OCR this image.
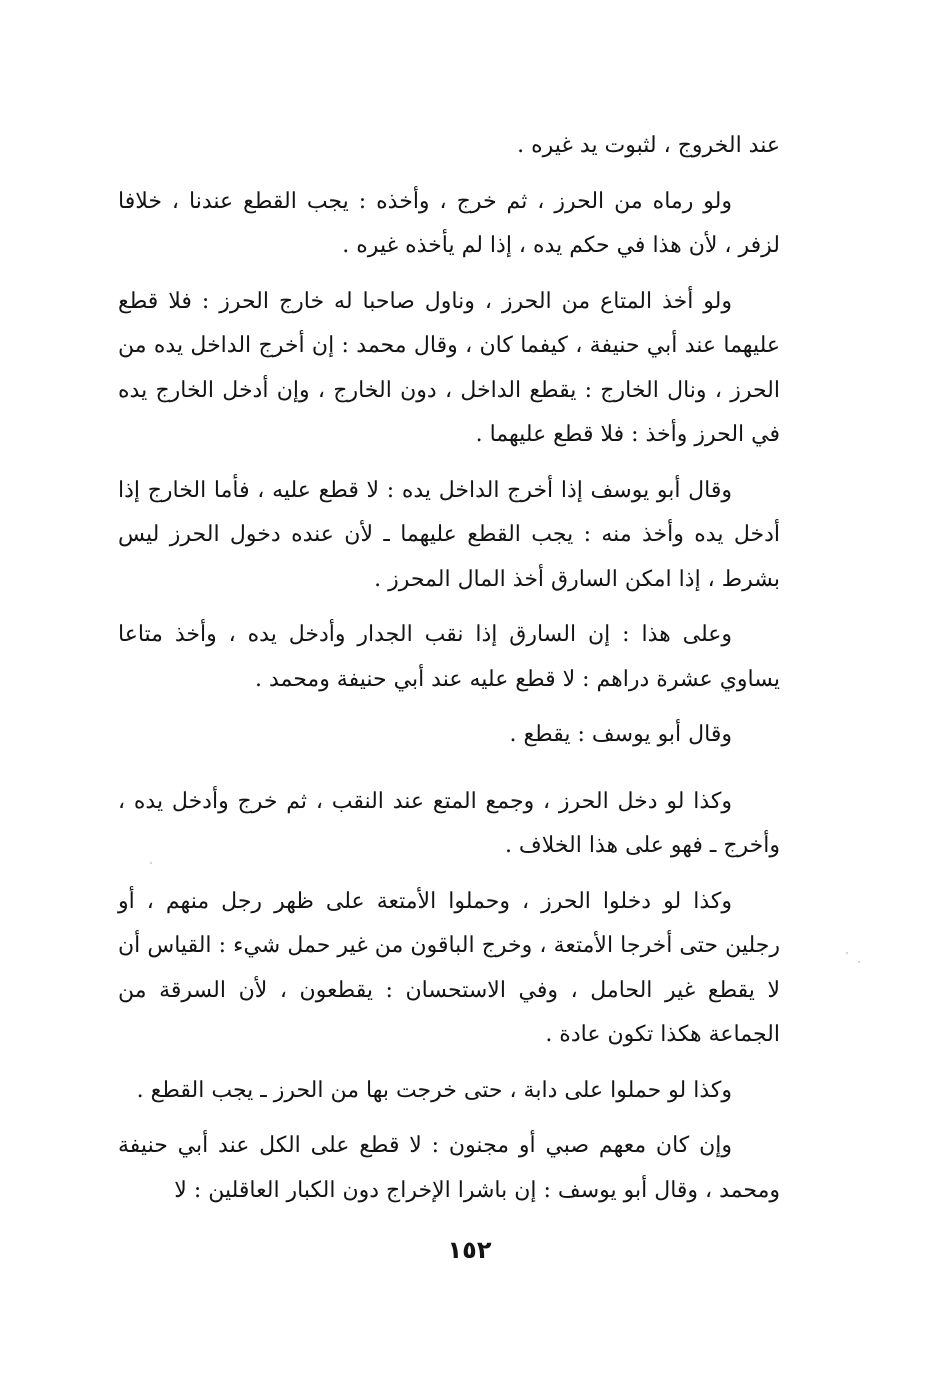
عند الخروج ، لثبوت يد غيره .

ولو رماه من الحرز ، ثم خرج ، وأخذه : يجب القطع عندنا ، خلافا لزفر ، لأن هذا في حكم يده ، إذا لم يأخذه غيره .

ولو أخذ المتاع من الحرز ، وناول صاحبا له خارج الحرز : فلا قطع عليهما عند أبي حنيفة ، كيفما كان ، وقال محمد : إن أخرج الداخل يده من الحرز ، ونال الخارج : يقطع الداخل ، دون الخارج ، وإن أدخل الخارج يده في الحرز وأخذ : فلا قطع عليهما .

وقال أبو يوسف إذا أخرج الداخل يده : لا قطع عليه ، فأما الخارج إذا أدخل يده وأخذ منه : يجب القطع عليهما ـ لأن عنده دخول الحرز ليس بشرط ، إذا امكن السارق أخذ المال المحرز .

وعلى هذا : إن السارق إذا نقب الجدار وأدخل يده ، وأخذ متاعا يساوي عشرة دراهم : لا قطع عليه عند أبي حنيفة ومحمد .

وقال أبو يوسف : يقطع .

وكذا لو دخل الحرز ، وجمع المتع عند النقب ، ثم خرج وأدخل يده ، وأخرج ـ فهو على هذا الخلاف .

وكذا لو دخلوا الحرز ، وحملوا الأمتعة على ظهر رجل منهم ، أو رجلين حتى أخرجا الأمتعة ، وخرج الباقون من غير حمل شيء : القياس أن لا يقطع غير الحامل ، وفي الاستحسان : يقطعون ، لأن السرقة من الجماعة هكذا تكون عادة .

وكذا لو حملوا على دابة ، حتى خرجت بها من الحرز ـ يجب القطع .

وإن كان معهم صبي أو مجنون : لا قطع على الكل عند أبي حنيفة ومحمد ، وقال أبو يوسف : إن باشرا الإخراج دون الكبار العاقلين : لا

١٥٢
